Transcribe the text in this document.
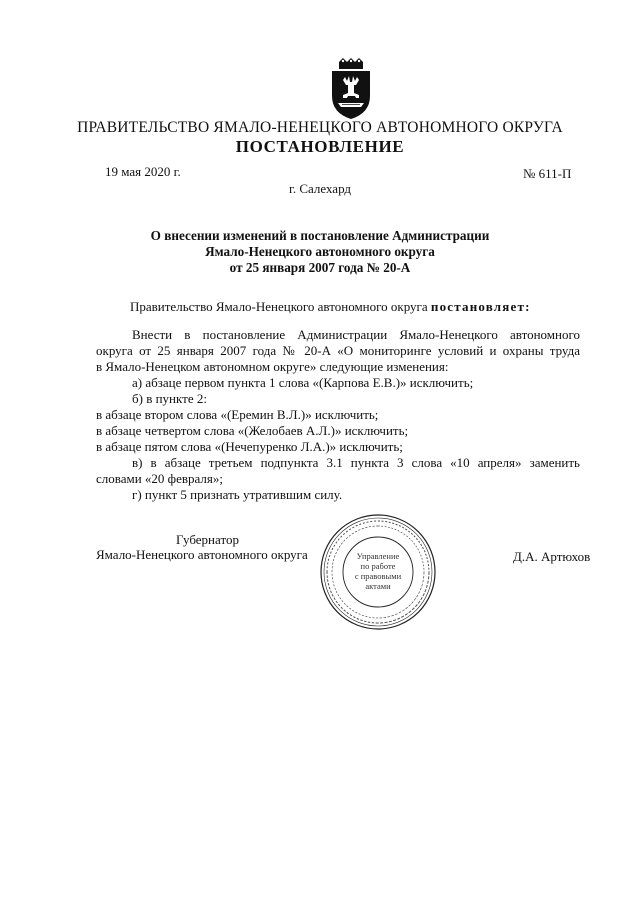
ПРАВИТЕЛЬСТВО ЯМАЛО-НЕНЕЦКОГО АВТОНОМНОГО ОКРУГА
ПОСТАНОВЛЕНИЕ
19 мая 2020 г.	№ 611-П
г. Салехард
О внесении изменений в постановление Администрации
Ямало-Ненецкого автономного округа
от 25 января 2007 года № 20-А
Правительство Ямало-Ненецкого автономного округа постановляет:
Внести в постановление Администрации Ямало-Ненецкого автономного
округа от 25 января 2007 года № 20-А «О мониторинге условий и охраны труда
в Ямало-Ненецком автономном округе» следующие изменения:
а) абзаце первом пункта 1 слова «(Карпова Е.В.)» исключить;
б) в пункте 2:
в абзаце втором слова «(Еремин В.Л.)» исключить;
в абзаце четвертом слова «(Желобаев А.Л.)» исключить;
в абзаце пятом слова «(Нечепуренко Л.А.)» исключить;
в) в абзаце третьем подпункта 3.1 пункта 3 слова «10 апреля» заменить
словами «20 февраля»;
г) пункт 5 признать утратившим силу.
Губернатор
Ямало-Ненецкого автономного округа	Д.А. Артюхов
Управление
по работе
с правовыми
актами
